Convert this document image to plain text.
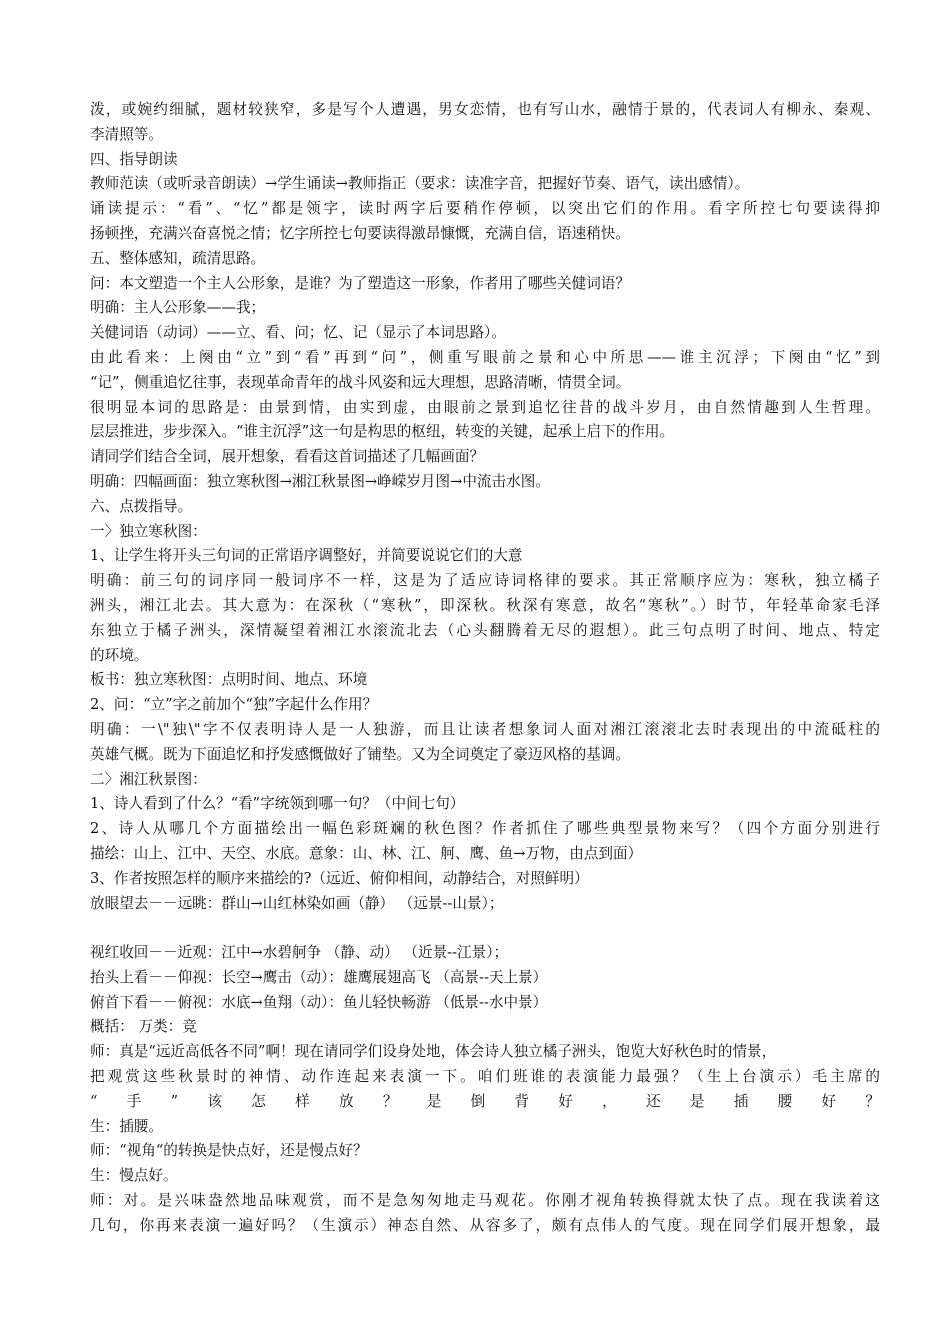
泼，或婉约细腻，题材较狭窄，多是写个人遭遇，男女恋情，也有写山水，融情于景的，代表词人有柳永、秦观、
李清照等。
四、指导朗读
教师范读（或听录音朗读）→学生诵读→教师指正（要求：读准字音，把握好节奏、语气，读出感情）。
诵读提示：“看”、“忆”都是领字，读时两字后要稍作停顿，以突出它们的作用。看字所控七句要读得抑
扬顿挫，充满兴奋喜悦之情；忆字所控七句要读得激昂慷慨，充满自信，语速稍快。
五、整体感知，疏清思路。
问：本文塑造一个主人公形象，是谁？为了塑造这一形象，作者用了哪些关健词语？
明确：主人公形象——我；
关健词语（动词）——立、看、问；忆、记（显示了本词思路）。
由此看来：上阕由“立”到“看”再到“问”，侧重写眼前之景和心中所思——谁主沉浮；下阕由“忆”到
“记”，侧重追忆往事，表现革命青年的战斗风姿和远大理想，思路清晰，情贯全词。
很明显本词的思路是：由景到情，由实到虚，由眼前之景到追忆往昔的战斗岁月，由自然情趣到人生哲理。
层层推进，步步深入。“谁主沉浮”这一句是构思的枢纽，转变的关键，起承上启下的作用。
请同学们结合全词，展开想象，看看这首词描述了几幅画面？
明确：四幅画面：独立寒秋图→湘江秋景图→峥嵘岁月图→中流击水图。
六、点拨指导。
一〉独立寒秋图：
1、让学生将开头三句词的正常语序调整好，并简要说说它们的大意
明确：前三句的词序同一般词序不一样，这是为了适应诗词格律的要求。其正常顺序应为：寒秋，独立橘子
洲头，湘江北去。其大意为：在深秋（“寒秋”，即深秋。秋深有寒意，故名“寒秋”。）时节，年轻革命家毛泽
东独立于橘子洲头，深情凝望着湘江水滚流北去（心头翻腾着无尽的遐想）。此三句点明了时间、地点、特定
的环境。
板书：独立寒秋图：点明时间、地点、环境
2、问：“立”字之前加个“独”字起什么作用？
明确：一\"独\"字不仅表明诗人是一人独游，而且让读者想象词人面对湘江滚滚北去时表现出的中流砥柱的
英雄气概。既为下面追忆和抒发感慨做好了铺垫。又为全词奠定了豪迈风格的基调。
二〉湘江秋景图：
1、诗人看到了什么？“看”字统领到哪一句？（中间七句）
2、诗人从哪几个方面描绘出一幅色彩斑斓的秋色图？作者抓住了哪些典型景物来写？（四个方面分别进行
描绘：山上、江中、天空、水底。意象：山、林、江、舸、鹰、鱼→万物，由点到面）
3、作者按照怎样的顺序来描绘的?（远近、俯仰相间，动静结合，对照鲜明）
放眼望去－－远眺：群山→山红林染如画（静） （远景--山景）；
视红收回－－近观：江中→水碧舸争 （静、动） （近景--江景）；
抬头上看－－仰视：长空→鹰击（动）：雄鹰展翅高飞 （高景--天上景）
俯首下看－－俯视：水底→鱼翔（动）：鱼儿轻快畅游 （低景--水中景）
概括： 万类：竞
师：真是“远近高低各不同”啊！现在请同学们设身处地，体会诗人独立橘子洲头，饱览大好秋色时的情景，
把观赏这些秋景时的神情、动作连起来表演一下。咱们班谁的表演能力最强？（生上台演示）毛主席的
“手”该怎样放？是倒背好，还是插腰好？
生：插腰。
师：“视角“的转换是快点好，还是慢点好？
生：慢点好。
师：对。是兴味盎然地品味观赏，而不是急匆匆地走马观花。你刚才视角转换得就太快了点。现在我读着这
几句，你再来表演一遍好吗？（生演示）神态自然、从容多了，颇有点伟人的气度。现在同学们展开想象，最
